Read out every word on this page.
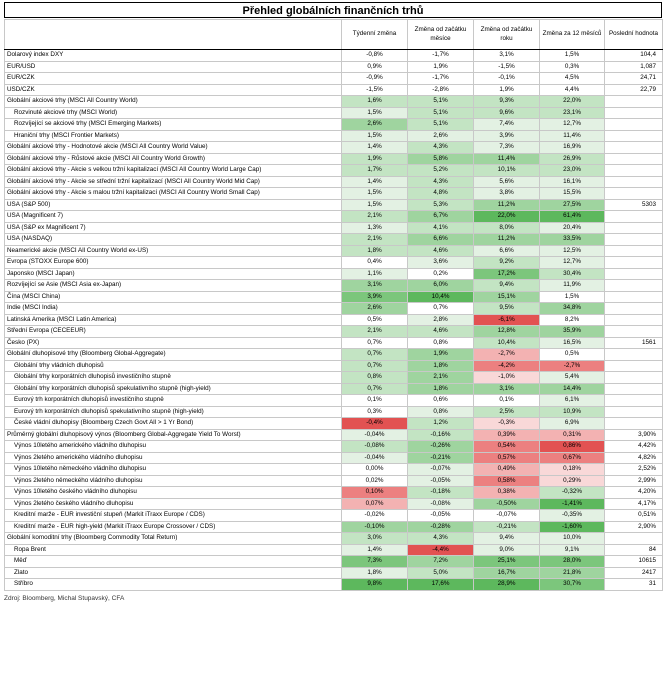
Přehled globálních finančních trhů
	Týdenní změna	Změna od začátku měsíce	Změna od začátku roku	Změna za 12 měsíců	Poslední hodnota
Dolarový index DXY	-0,8%	-1,7%	3,1%	1,5%	104,4
EUR/USD	0,9%	1,9%	-1,5%	0,3%	1,087
EUR/CZK	-0,9%	-1,7%	-0,1%	4,5%	24,71
USD/CZK	-1,5%	-2,8%	1,9%	4,4%	22,79
Globální akciové trhy (MSCI All Country World)	1,6%	5,1%	9,3%	22,0%	
Rozvinuté akciové trhy (MSCI World)	1,5%	5,1%	9,6%	23,1%	
Rozvíjející se akciové trhy (MSCI Emerging Markets)	2,6%	5,1%	7,4%	12,7%	
Hraniční trhy (MSCI Frontier Markets)	1,5%	2,6%	3,9%	11,4%	
Globální akciové trhy - Hodnotové akcie (MSCI All Country World Value)	1,4%	4,3%	7,3%	16,9%	
Globální akciové trhy - Růstové akcie (MSCI All Country World Growth)	1,9%	5,8%	11,4%	26,9%	
Globální akciové trhy - Akcie s velkou tržní kapitalizací (MSCI All Country World Large Cap)	1,7%	5,2%	10,1%	23,0%	
Globální akciové trhy - Akcie se střední tržní kapitalizací (MSCI All Country World Mid Cap)	1,4%	4,3%	5,6%	16,1%	
Globální akciové trhy - Akcie s malou tržní kapitalizací (MSCI All Country World Small Cap)	1,5%	4,8%	3,8%	15,5%	
USA (S&P 500)	1,5%	5,3%	11,2%	27,5%	5303
USA (Magnificent 7)	2,1%	6,7%	22,0%	61,4%	
USA (S&P ex Magnificent 7)	1,3%	4,1%	8,0%	20,4%	
USA (NASDAQ)	2,1%	6,6%	11,2%	33,5%	
Neamerické akcie (MSCI All Country World ex-US)	1,8%	4,6%	6,6%	12,5%	
Evropa (STOXX Europe 600)	0,4%	3,6%	9,2%	12,7%	
Japonsko (MSCI Japan)	1,1%	0,2%	17,2%	30,4%	
Rozvíjející se Asie (MSCI Asia ex-Japan)	3,1%	6,0%	9,4%	11,9%	
Čína (MSCI China)	3,9%	10,4%	15,1%	1,5%	
Indie (MSCI India)	2,6%	0,7%	9,5%	34,8%	
Latinská Amerika (MSCI Latin America)	0,5%	2,8%	-6,1%	8,2%	
Střední Evropa (CECEEUR)	2,1%	4,6%	12,8%	35,9%	
Česko (PX)	0,7%	0,8%	10,4%	16,5%	1561
Globální dluhopisové trhy (Bloomberg Global-Aggregate)	0,7%	1,9%	-2,7%	0,5%	
Globální trhy vládních dluhopisů	0,7%	1,8%	-4,2%	-2,7%	
Globální trhy korporátních dluhopisů investičního stupně	0,8%	2,1%	-1,0%	5,4%	
Globální trhy korporátních dluhopisů spekulativního stupně (high-yield)	0,7%	1,8%	3,1%	14,4%	
Eurový trh korporátních dluhopisů investičního stupně	0,1%	0,6%	0,1%	6,1%	
Eurový trh korporátních dluhopisů spekulativního stupně (high-yield)	0,3%	0,8%	2,5%	10,9%	
České vládní dluhopisy (Bloomberg Czech Govt All > 1 Yr Bond)	-0,4%	1,2%	-0,3%	6,9%	
Průměrný globální dluhopisový výnos (Bloomberg Global-Aggregate Yield To Worst)	-0,04%	-0,16%	0,39%	0,31%	3,90%
Výnos 10letého amerického vládního dluhopisu	-0,08%	-0,26%	0,54%	0,86%	4,42%
Výnos 2letého amerického vládního dluhopisu	-0,04%	-0,21%	0,57%	0,67%	4,82%
Výnos 10letého německého vládního dluhopisu	0,00%	-0,07%	0,49%	0,18%	2,52%
Výnos 2letého německého vládního dluhopisu	0,02%	-0,05%	0,58%	0,29%	2,99%
Výnos 10letého českého vládního dluhopisu	0,10%	-0,18%	0,38%	-0,32%	4,20%
Výnos 2letého českého vládního dluhopisu	0,07%	-0,08%	-0,50%	-1,41%	4,17%
Kreditní marže - EUR investiční stupeň (Markit iTraxx Europe / CDS)	-0,02%	-0,05%	-0,07%	-0,35%	0,51%
Kreditní marže - EUR high-yield (Markit iTraxx Europe Crossover / CDS)	-0,10%	-0,28%	-0,21%	-1,60%	2,90%
Globální komoditní trhy (Bloomberg Commodity Total Return)	3,0%	4,3%	9,4%	10,0%	
Ropa Brent	1,4%	-4,4%	9,0%	9,1%	84
Měď	7,3%	7,2%	25,1%	28,0%	10615
Zlato	1,8%	5,0%	16,7%	21,8%	2417
Stříbro	9,8%	17,6%	28,9%	30,7%	31
Zdroj: Bloomberg, Michal Stupavský, CFA
